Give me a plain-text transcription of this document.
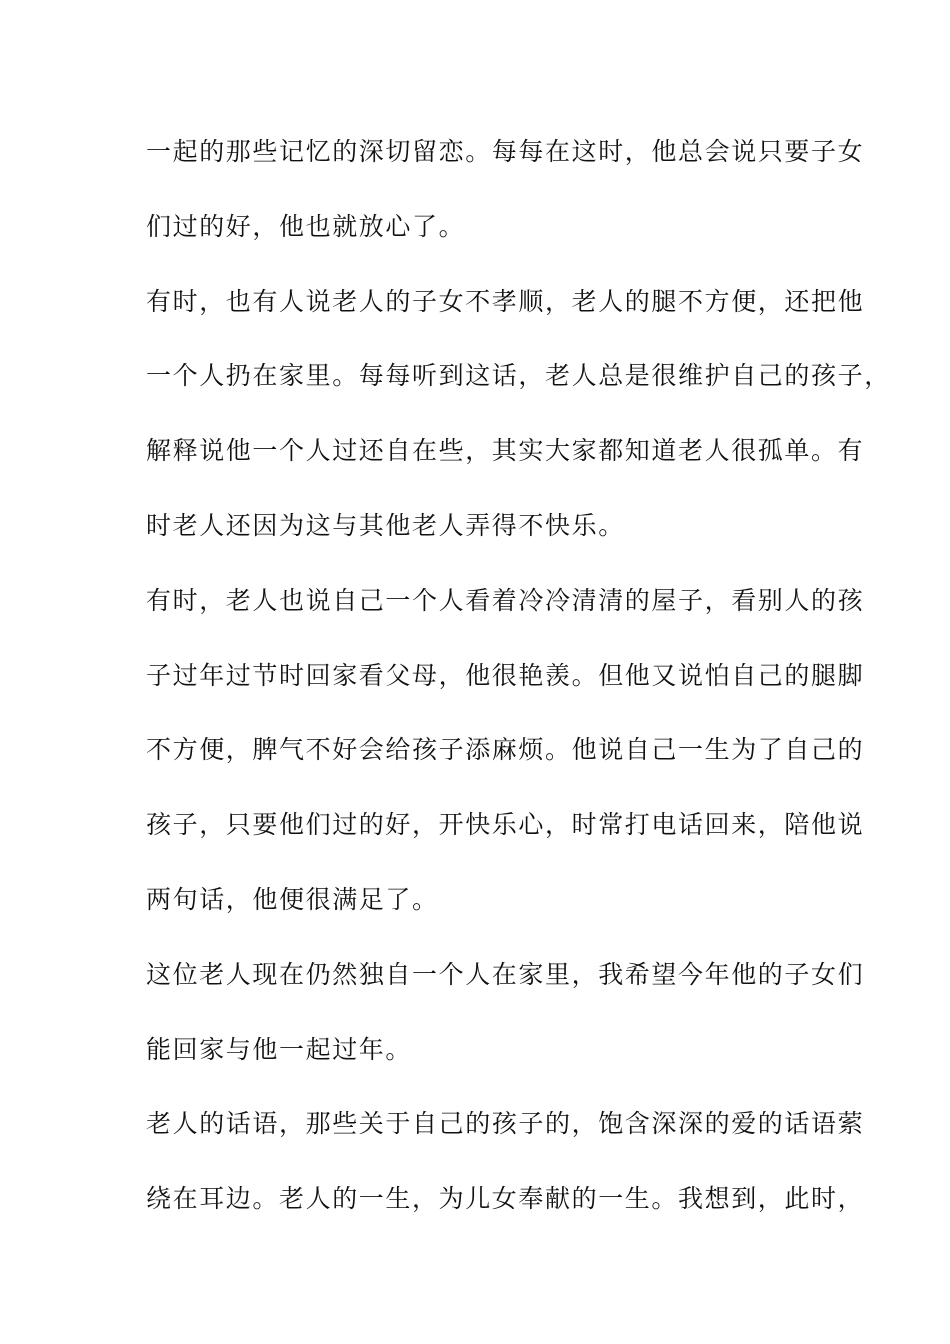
一起的那些记忆的深切留恋。每每在这时，他总会说只要子女
们过的好，他也就放心了。
有时，也有人说老人的子女不孝顺，老人的腿不方便，还把他
一个人扔在家里。每每听到这话，老人总是很维护自己的孩子，
解释说他一个人过还自在些，其实大家都知道老人很孤单。有
时老人还因为这与其他老人弄得不快乐。
有时，老人也说自己一个人看着冷冷清清的屋子，看别人的孩
子过年过节时回家看父母，他很艳羡。但他又说怕自己的腿脚
不方便，脾气不好会给孩子添麻烦。他说自己一生为了自己的
孩子，只要他们过的好，开快乐心，时常打电话回来，陪他说
两句话，他便很满足了。
这位老人现在仍然独自一个人在家里，我希望今年他的子女们
能回家与他一起过年。
老人的话语，那些关于自己的孩子的，饱含深深的爱的话语萦
绕在耳边。老人的一生，为儿女奉献的一生。我想到，此时，
